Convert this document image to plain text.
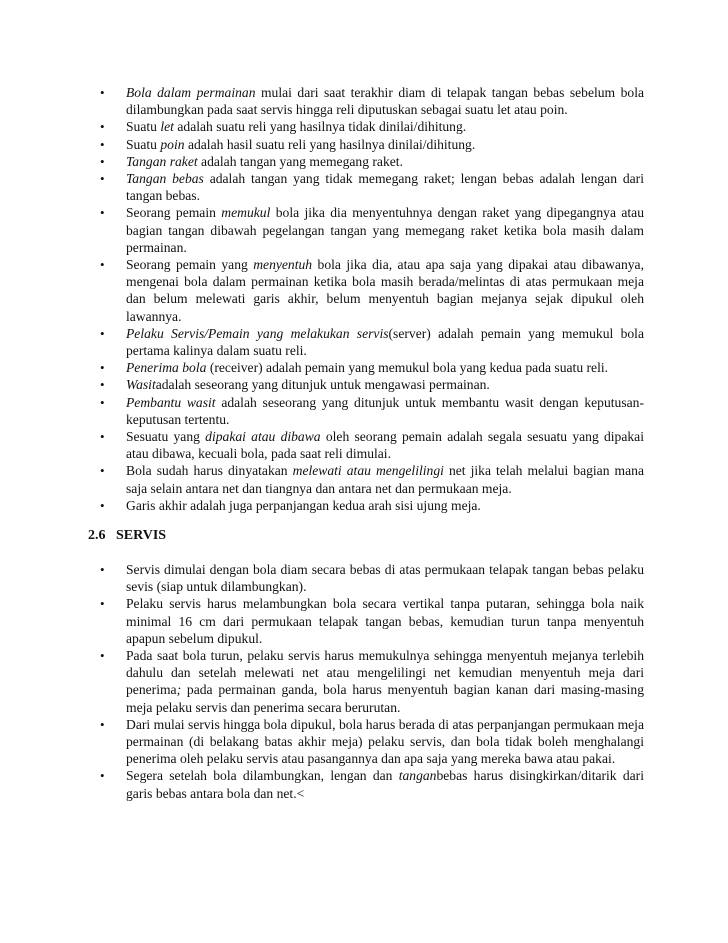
• Bola dalam permainan mulai dari saat terakhir diam di telapak tangan bebas sebelum bola dilambungkan pada saat servis hingga reli diputuskan sebagai suatu let atau poin.
• Suatu let adalah suatu reli yang hasilnya tidak dinilai/dihitung.
• Suatu poin adalah hasil suatu reli yang hasilnya dinilai/dihitung.
• Tangan raket adalah tangan yang memegang raket.
• Tangan bebas adalah tangan yang tidak memegang raket; lengan bebas adalah lengan dari tangan bebas.
• Seorang pemain memukul bola jika dia menyentuhnya dengan raket yang dipegangnya atau bagian tangan dibawah pegelangan tangan yang memegang raket ketika bola masih dalam permainan.
• Seorang pemain yang menyentuh bola jika dia, atau apa saja yang dipakai atau dibawanya, mengenai bola dalam permainan ketika bola masih berada/melintas di atas permukaan meja dan belum melewati garis akhir, belum menyentuh bagian mejanya sejak dipukul oleh lawannya.
• Pelaku Servis/Pemain yang melakukan servis(server) adalah pemain yang memukul bola pertama kalinya dalam suatu reli.
• Penerima bola (receiver) adalah pemain yang memukul bola yang kedua pada suatu reli.
• Wasitadalah seseorang yang ditunjuk untuk mengawasi permainan.
• Pembantu wasit adalah seseorang yang ditunjuk untuk membantu wasit dengan keputusan-keputusan tertentu.
• Sesuatu yang dipakai atau dibawa oleh seorang pemain adalah segala sesuatu yang dipakai atau dibawa, kecuali bola, pada saat reli dimulai.
• Bola sudah harus dinyatakan melewati atau mengelilingi net jika telah melalui bagian mana saja selain antara net dan tiangnya dan antara net dan permukaan meja.
• Garis akhir adalah juga perpanjangan kedua arah sisi ujung meja.
2.6   SERVIS
• Servis dimulai dengan bola diam secara bebas di atas permukaan telapak tangan bebas pelaku sevis (siap untuk dilambungkan).
• Pelaku servis harus melambungkan bola secara vertikal tanpa putaran, sehingga bola naik minimal 16 cm dari permukaan telapak tangan bebas, kemudian turun tanpa menyentuh apapun sebelum dipukul.
• Pada saat bola turun, pelaku servis harus memukulnya sehingga menyentuh mejanya terlebih dahulu dan setelah melewati net atau mengelilingi net kemudian menyentuh meja dari penerima; pada permainan ganda, bola harus menyentuh bagian kanan dari masing-masing meja pelaku servis dan penerima secara berurutan.
• Dari mulai servis hingga bola dipukul, bola harus berada di atas perpanjangan permukaan meja permainan (di belakang batas akhir meja) pelaku servis, dan bola tidak boleh menghalangi penerima oleh pelaku servis atau pasangannya dan apa saja yang mereka bawa atau pakai.
• Segera setelah bola dilambungkan, lengan dan tanganbebas harus disingkirkan/ditarik dari garis bebas antara bola dan net.<
